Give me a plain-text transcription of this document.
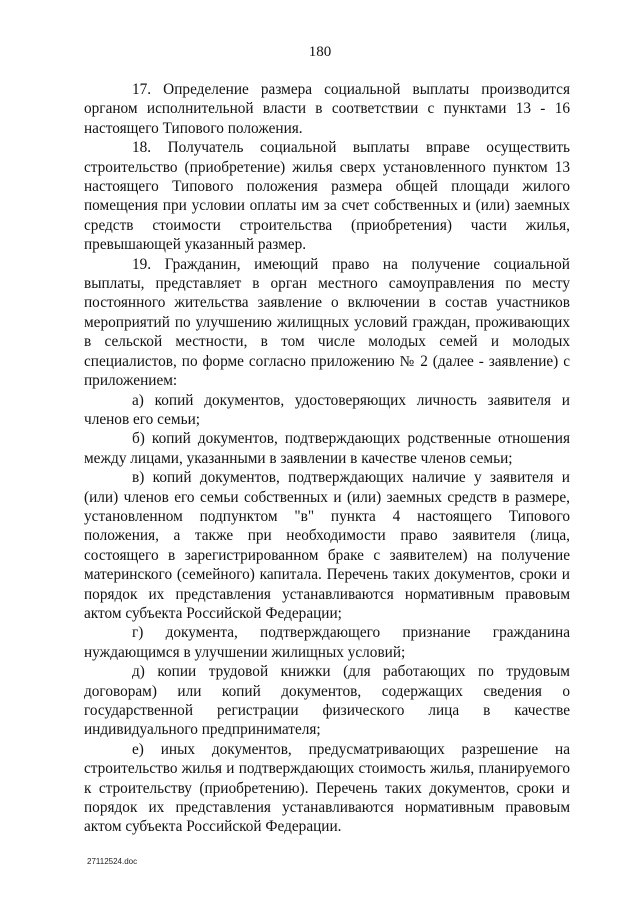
180

17. Определение размера социальной выплаты производится органом исполнительной власти в соответствии с пунктами 13 - 16 настоящего Типового положения.

18. Получатель социальной выплаты вправе осуществить строительство (приобретение) жилья сверх установленного пунктом 13 настоящего Типового положения размера общей площади жилого помещения при условии оплаты им за счет собственных и (или) заемных средств стоимости строительства (приобретения) части жилья, превышающей указанный размер.

19. Гражданин, имеющий право на получение социальной выплаты, представляет в орган местного самоуправления по месту постоянного жительства заявление о включении в состав участников мероприятий по улучшению жилищных условий граждан, проживающих в сельской местности, в том числе молодых семей и молодых специалистов, по форме согласно приложению № 2 (далее - заявление) с приложением:

а) копий документов, удостоверяющих личность заявителя и членов его семьи;

б) копий документов, подтверждающих родственные отношения между лицами, указанными в заявлении в качестве членов семьи;

в) копий документов, подтверждающих наличие у заявителя и (или) членов его семьи собственных и (или) заемных средств в размере, установленном подпунктом "в" пункта 4 настоящего Типового положения, а также при необходимости право заявителя (лица, состоящего в зарегистрированном браке с заявителем) на получение материнского (семейного) капитала. Перечень таких документов, сроки и порядок их представления устанавливаются нормативным правовым актом субъекта Российской Федерации;

г) документа, подтверждающего признание гражданина нуждающимся в улучшении жилищных условий;

д) копии трудовой книжки (для работающих по трудовым договорам) или копий документов, содержащих сведения о государственной регистрации физического лица в качестве индивидуального предпринимателя;

е) иных документов, предусматривающих разрешение на строительство жилья и подтверждающих стоимость жилья, планируемого к строительству (приобретению). Перечень таких документов, сроки и порядок их представления устанавливаются нормативным правовым актом субъекта Российской Федерации.

27112524.doc
